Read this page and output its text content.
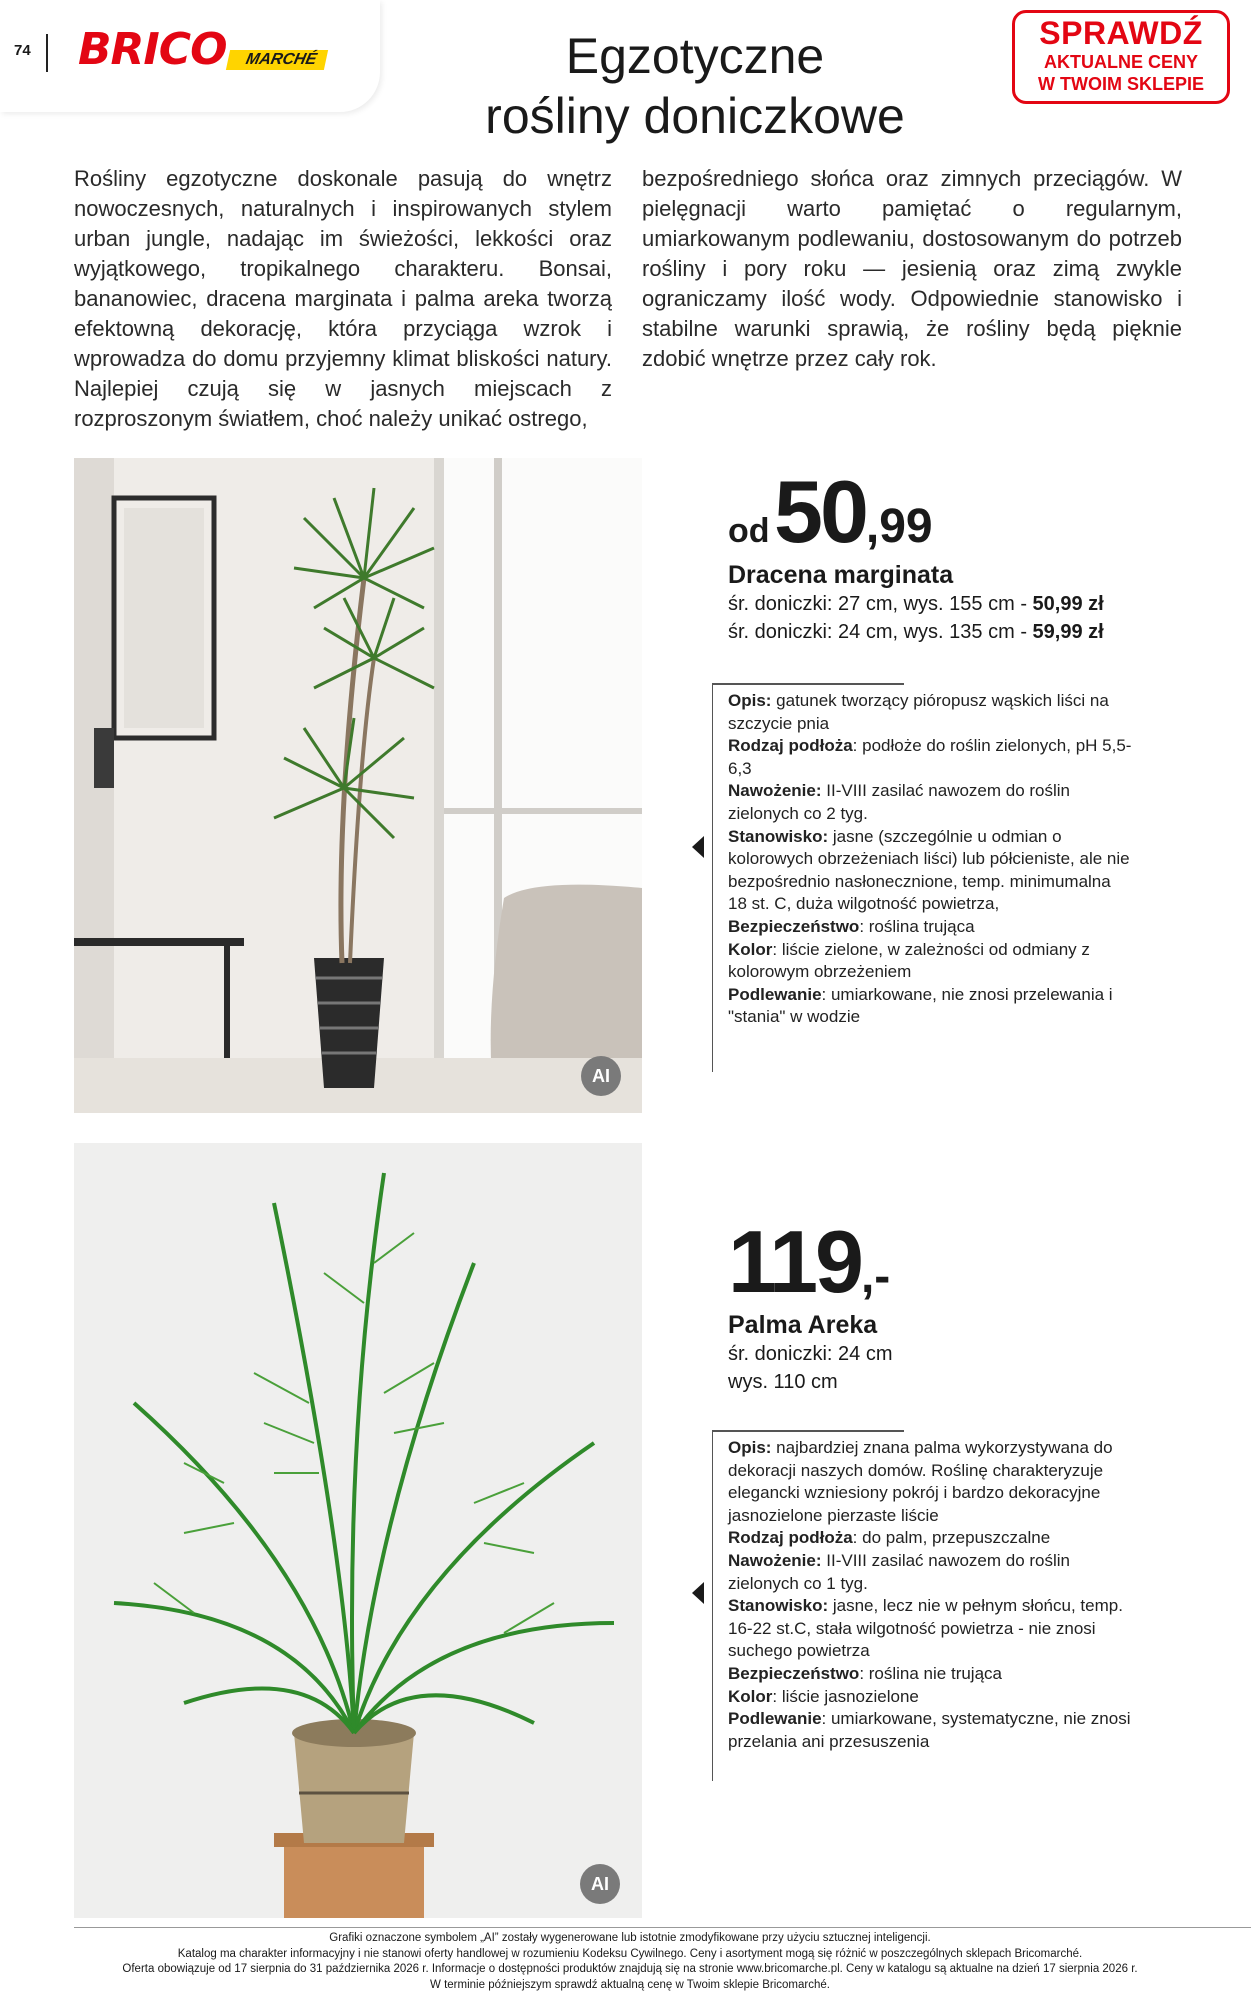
74 BRICO	MARCHÉ	Egzotyczne
rośliny doniczkowe
SPRAWDŹ
AKTUALNE CENY
W TWOIM SKLEPIE

Rośliny egzotyczne doskonale pasują do wnętrz nowoczesnych, naturalnych i inspirowanych stylem urban jungle, nadając im świeżości, lekkości oraz wyjątkowego, tropikalnego charakteru. Bonsai, bananowiec, dracena marginata i palma areka tworzą efektowną dekorację, która przyciąga wzrok i wprowadza do domu przyjemny klimat bliskości natury. Najlepiej czują się w jasnych miejscach z rozproszonym światłem, choć należy unikać ostrego,

bezpośredniego słońca oraz zimnych przeciągów. W pielęgnacji warto pamiętać o regularnym, umiarkowanym podlewaniu, dostosowanym do potrzeb rośliny i pory roku — jesienią oraz zimą zwykle ograniczamy ilość wody. Odpowiednie stanowisko i stabilne warunki sprawią, że rośliny będą pięknie zdobić wnętrze przez cały rok.

AI
od 50,99
Dracena marginata
śr. doniczki: 27 cm, wys. 155 cm - 50,99 zł
śr. doniczki: 24 cm, wys. 135 cm - 59,99 zł
Opis: gatunek tworzący pióropusz wąskich liści na szczycie pnia
Rodzaj podłoża: podłoże do roślin zielonych, pH 5,5-6,3
Nawożenie: II-VIII zasilać nawozem do roślin zielonych co 2 tyg.
Stanowisko: jasne (szczególnie u odmian o kolorowych obrzeżeniach liści) lub półcieniste, ale nie bezpośrednio nasłonecznione, temp. minimumalna 18 st. C, duża wilgotność powietrza,
Bezpieczeństwo: roślina trująca
Kolor: liście zielone, w zależności od odmiany z kolorowym obrzeżeniem
Podlewanie: umiarkowane, nie znosi przelewania i "stania" w wodzie
AI
119,-
Palma Areka
śr. doniczki: 24 cm
wys. 110 cm
Opis: najbardziej znana palma wykorzystywana do dekoracji naszych domów. Roślinę charakteryzuje elegancki wzniesiony pokrój i bardzo dekoracyjne jasnozielone pierzaste liście
Rodzaj podłoża: do palm, przepuszczalne
Nawożenie: II-VIII zasilać nawozem do roślin zielonych co 1 tyg.
Stanowisko: jasne, lecz nie w pełnym słońcu, temp. 16-22 st.C, stała wilgotność powietrza - nie znosi suchego powietrza
Bezpieczeństwo: roślina nie trująca
Kolor: liście jasnozielone
Podlewanie: umiarkowane, systematyczne, nie znosi przelania ani przesuszenia
Grafiki oznaczone symbolem „AI” zostały wygenerowane lub istotnie zmodyfikowane przy użyciu sztucznej inteligencji.
Katalog ma charakter informacyjny i nie stanowi oferty handlowej w rozumieniu Kodeksu Cywilnego. Ceny i asortyment mogą się różnić w poszczególnych sklepach Bricomarché.
Oferta obowiązuje od 17 sierpnia do 31 października 2026 r. Informacje o dostępności produktów znajdują się na stronie www.bricomarche.pl. Ceny w katalogu są aktualne na dzień 17 sierpnia 2026 r.
W terminie późniejszym sprawdź aktualną cenę w Twoim sklepie Bricomarché.
